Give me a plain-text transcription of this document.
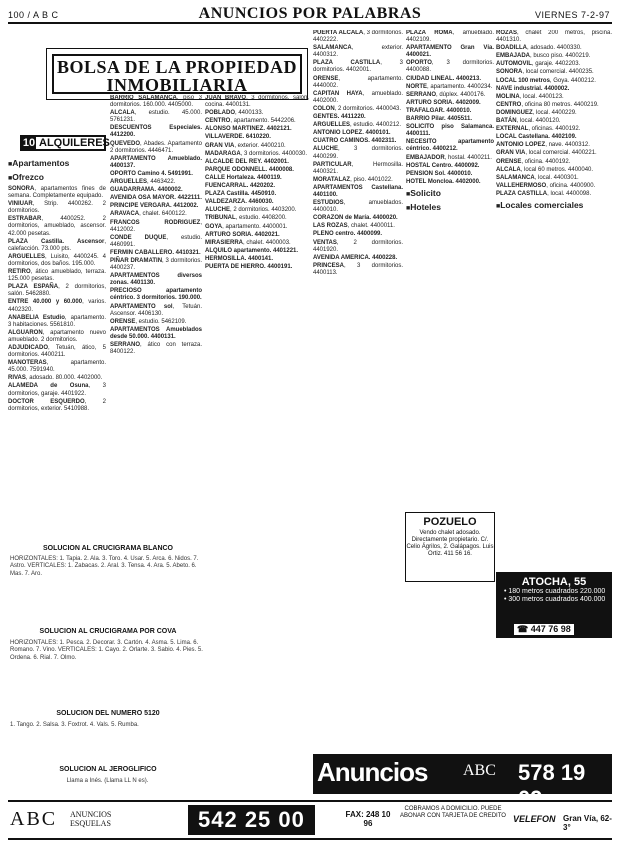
100 / A B C	ANUNCIOS POR PALABRAS	VIERNES 7-2-97
BOLSA DE LA PROPIEDAD
INMOBILIARIA
10 ALQUILERES
■ Apartamentos
■ Ofrezco

SONORA, apartamentos fines de semana. Completamente equipado.

VINIUAR, Strip. 4400262. 2 dormitorios.

ESTRABAR, 4400252. 2 dormitorios, amueblado, ascensor. 42.000 pesetas.

PLAZA Castilla. Ascensor, calefacción. 73.000 pts.

ARGUELLES, Luisito, 4400245. 4 dormitorios, dos baños. 195.000.

RETIRO, ático amueblado, terraza. 125.000 pesetas.

PLAZA ESPAÑA, 2 dormitorios, salón. 5462880.

ENTRE 40.000 y 60.000, varios. 4402320.

ANABELIA Estudio, apartamento. 3 habitaciones. 5561810.

ALGUARON, apartamento nuevo amueblado. 2 dormitorios.

ADJUDICADO, Tetuán, ático, 5 dormitorios. 4400211.

MANOTERAS, apartamento. 45.000. 7591940.

RIVAS, adosado. 80.000. 4402000.

ALAMEDA de Osuna, 3 dormitorios, garaje. 4401922.

DOCTOR ESQUERDO, 2 dormitorios, exterior. 5410988.

BARRIO SALAMANCA, piso 3 dormitorios. 160.000. 4405000.

ALCALA, estudio. 45.000. 5761231.

DESCUENTOS Especiales. 4412200.

QUEVEDO, Abades. Apartamento 2 dormitorios. 4446471.

APARTAMENTO Amueblado. 4400137.

OPORTO Camino 4. 5491991.

ARGUELLES, 4463422.

GUADARRAMA. 4400002.

AVENIDA OSA MAYOR. 4422111.

PRINCIPE VERGARA. 4412002.

ARAVACA, chalet. 6400122.

FRANCOS RODRIGUEZ, 4412002.

CONDE DUQUE, estudio. 4460991.

FERMIN CABALLERO. 4410321.

PIÑAR DRAMATIN, 3 dormitorios. 4400237.

APARTAMENTOS diversos zonas. 4401130.

PRECIOSO apartamento céntrico. 3 dormitorios. 190.000.

APARTAMENTO sol, Tetuán. Ascensor. 4406130.

ORENSE, estudio. 5462109.

APARTAMENTOS Amueblados desde 50.000. 4400131.

SERRANO, ático con terraza. 8400122.

JUAN BRAVO, 3 dormitorios, salón, cocina. 4400131.

POBLADO, 4400133.

CENTRO, apartamento. 5442206.

ALONSO MARTINEZ. 4402121.

VILLAVERDE. 6410220.

GRAN VIA, exterior. 4400210.

MADARAGA, 3 dormitorios. 4400030.

ALCALDE DEL REY. 4402001.

PARQUE ODONNELL. 4400008.

CALLE Hortaleza. 4400119.

FUENCARRAL. 4420202.

PLAZA Castilla. 4450910.

VALDEZARZA. 4460030.

ALUCHE, 2 dormitorios. 4403200.

TRIBUNAL, estudio. 4408200.

GOYA, apartamento. 4400001.

ARTURO SORIA. 4402021.

MIRASIERRA, chalet. 4400003.

ALQUILO apartamento. 4401221.

HERMOSILLA. 4400141.

PUERTA DE HIERRO. 4400191.

PUERTA ALCALA, 3 dormitorios. 4402222.

SALAMANCA, exterior. 4400312.

PLAZA CASTILLA, 3 dormitorios. 4402001.

ORENSE, apartamento. 4440002.

CAPITAN HAYA, amueblado. 4402000.

COLON, 2 dormitorios. 4400043.

GENTES. 4411220.

ARGUELLES, estudio. 4400212.

ANTONIO LOPEZ. 4400101.

CUATRO CAMINOS. 4402311.

ALUCHE, 3 dormitorios. 4400299.

PARTICULAR, Hermosilla. 4400321.

MORATALAZ, piso. 4401022.

APARTAMENTOS Castellana. 4401100.

ESTUDIOS, amueblados. 4400010.

CORAZON de María. 4400020.

LAS ROZAS, chalet. 4400011.

PLENO centro. 4400099.

VENTAS, 2 dormitorios. 4401920.

AVENIDA AMERICA. 4400228.

PRINCESA, 3 dormitorios. 4400113.

PLAZA ROMA, amueblado. 4402109.

APARTAMENTO Gran Vía. 4400021.

OPORTO, 3 dormitorios. 4400088.

CIUDAD LINEAL. 4400213.

NORTE, apartamento. 4400234.

SERRANO, dúplex. 4400176.

ARTURO SORIA. 4402009.

TRAFALGAR. 4400010.

BARRIO Pilar. 4405511.

SOLICITO piso Salamanca. 4400111.

NECESITO apartamento céntrico. 4400212.

EMBAJADOR, hostal. 4400211.

HOSTAL Centro. 4400092.

PENSION Sol. 4400010.

HOTEL Moncloa. 4402000.

■ Solicito
■ Hoteles

ROZAS, chalet 200 metros, piscina. 4401310.

BOADILLA, adosado. 4400330.

EMBAJADA, busco piso. 4400219.

AUTOMOVIL, garaje. 4402203.

SONORA, local comercial. 4400235.

LOCAL 100 metros, Goya. 4400212.

NAVE industrial. 4400002.

MOLINA, local. 4400123.

CENTRO, oficina 80 metros. 4400219.

DOMINGUEZ, local. 4400229.

BATÁN, local. 4400120.

EXTERNAL, oficinas. 4400192.

LOCAL Castellana. 4402109.

ANTONIO LOPEZ, nave. 4400312.

GRAN VIA, local comercial. 4400221.

ORENSE, oficina. 4400192.

ALCALA, local 60 metros. 4400040.

SALAMANCA, local. 4400301.

VALLEHERMOSO, oficina. 4400900.

PLAZA CASTILLA, local. 4400098.

■ Locales comerciales
SOLUCION AL CRUCIGRAMA BLANCO
HORIZONTALES: 1. Tapia. 2. Ala. 3. Toro. 4. Usar. 5. Arca. 6. Nidos. 7. Astro. VERTICALES: 1. Zabacas. 2. Aral. 3. Tensa. 4. Ara. 5. Abeto. 6. Mas. 7. Aro.
SOLUCION AL CRUCIGRAMA POR COVA
HORIZONTALES: 1. Pesca. 2. Decorar. 3. Cartón. 4. Asma. 5. Lima. 6. Romano. 7. Vino. VERTICALES: 1. Cayo. 2. Orlarte. 3. Sabio. 4. Pies. 5. Ordena. 6. Rial. 7. Olmo.
SOLUCION DEL NUMERO 5120
1. Tango. 2. Salsa. 3. Foxtrot. 4. Vals. 5. Rumba.
SOLUCION AL JEROGLIFICO
Llama a Inés. (Llama LL N es).
POZUELO
Vendo chalet adosado. Directamente propietario. C/. Celio Ágrilos, 2. Galápagos. Luis Ortiz. 411 56 16.
ATOCHA, 55
• 180 metros cuadrados 220.000
• 300 metros cuadrados 400.000
☎ 447 76 98
Anuncios ABC 578 19 09
ABC ANUNCIOS ESQUELAS	542 25 00	FAX: 248 10 96
COBRAMOS A DOMICILIO. PUEDE ABONAR CON TARJETA DE CREDITO VELEFON Gran Vía, 62-3°
